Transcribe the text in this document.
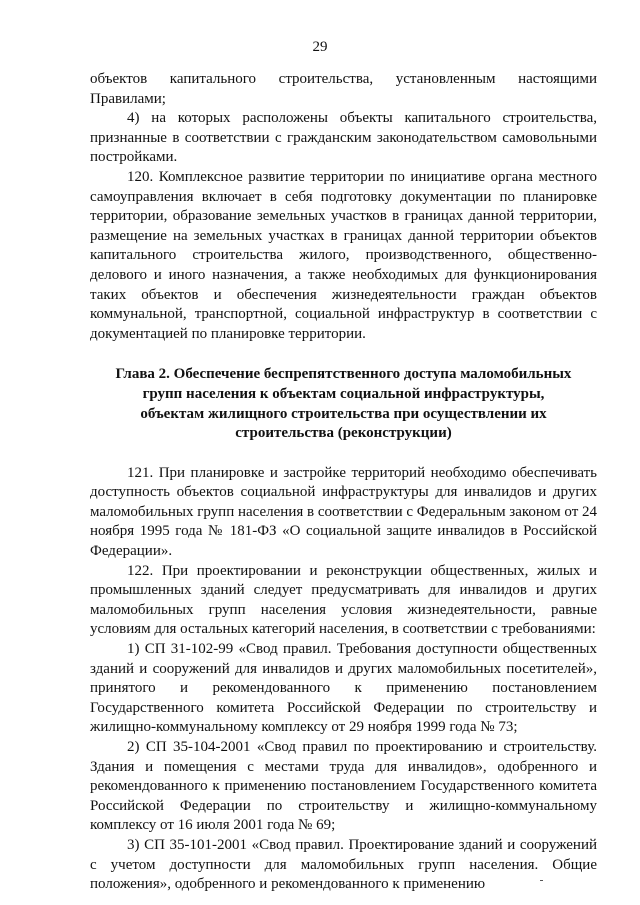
29

объектов капитального строительства, установленным настоящими Правилами;

4) на которых расположены объекты капитального строительства, признанные в соответствии с гражданским законодательством самовольными постройками.

120. Комплексное развитие территории по инициативе органа местного самоуправления включает в себя подготовку документации по планировке территории, образование земельных участков в границах данной территории, размещение на земельных участках в границах данной территории объектов капитального строительства жилого, производственного, общественно-делового и иного назначения, а также необходимых для функционирования таких объектов и обеспечения жизнедеятельности граждан объектов коммунальной, транспортной, социальной инфраструктур в соответствии с документацией по планировке территории.

Глава 2. Обеспечение беспрепятственного доступа маломобильных
групп населения к объектам социальной инфраструктуры,
объектам жилищного строительства при осуществлении их
строительства (реконструкции)

121. При планировке и застройке территорий необходимо обеспечивать доступность объектов социальной инфраструктуры для инвалидов и других маломобильных групп населения в соответствии с Федеральным законом от 24 ноября 1995 года № 181-ФЗ «О социальной защите инвалидов в Российской Федерации».

122. При проектировании и реконструкции общественных, жилых и промышленных зданий следует предусматривать для инвалидов и других маломобильных групп населения условия жизнедеятельности, равные условиям для остальных категорий населения, в соответствии с требованиями:

1) СП 31-102-99 «Свод правил. Требования доступности общественных зданий и сооружений для инвалидов и других маломобильных посетителей», принятого и рекомендованного к применению постановлением Государственного комитета Российской Федерации по строительству и жилищно-коммунальному комплексу от 29 ноября 1999 года № 73;

2) СП 35-104-2001 «Свод правил по проектированию и строительству. Здания и помещения с местами труда для инвалидов», одобренного и рекомендованного к применению постановлением Государственного комитета Российской Федерации по строительству и жилищно-коммунальному комплексу от 16 июля 2001 года № 69;

3) СП 35-101-2001 «Свод правил. Проектирование зданий и сооружений с учетом доступности для маломобильных групп населения. Общие положения», одобренного и рекомендованного к применению
